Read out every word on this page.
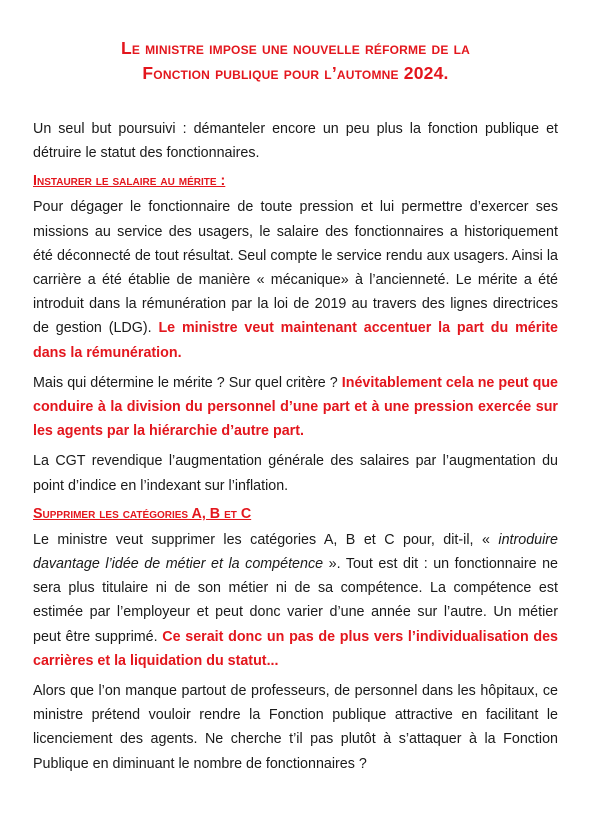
Le ministre impose une nouvelle réforme de la
Fonction publique pour l’automne 2024.

Un seul but poursuivi : démanteler encore un peu plus la fonction publique et détruire le statut des fonctionnaires.

Instaurer le salaire au mérite :

Pour dégager le fonctionnaire de toute pression et lui permettre d’exercer ses missions au service des usagers, le salaire des fonctionnaires a historiquement été déconnecté de tout résultat. Seul compte le service rendu aux usagers. Ainsi la carrière a été établie de manière « mécanique» à l’ancienneté. Le mérite a été introduit dans la rémunération par la loi de 2019 au travers des lignes directrices de gestion (LDG). Le ministre veut maintenant accentuer la part du mérite dans la rémunération.

Mais qui détermine le mérite ? Sur quel critère ? Inévitablement cela ne peut que conduire à la division du personnel d’une part et à une pression exercée sur les agents par la hiérarchie d’autre part.

La CGT revendique l’augmentation générale des salaires par l’augmentation du point d’indice en l’indexant sur l’inflation.

Supprimer les catégories A, B et C

Le ministre veut supprimer les catégories A, B et C pour, dit-il, « introduire davantage l’idée de métier et la compétence ». Tout est dit : un fonctionnaire ne sera plus titulaire ni de son métier ni de sa compétence. La compétence est estimée par l’employeur et peut donc varier d’une année sur l’autre. Un métier peut être supprimé. Ce serait donc un pas de plus vers l’individualisation des carrières et la liquidation du statut...

Alors que l’on manque partout de professeurs, de personnel dans les hôpitaux, ce ministre prétend vouloir rendre la Fonction publique attractive en facilitant le licenciement des agents. Ne cherche t’il pas plutôt à s’attaquer à la Fonction Publique en diminuant le nombre de fonctionnaires ?
